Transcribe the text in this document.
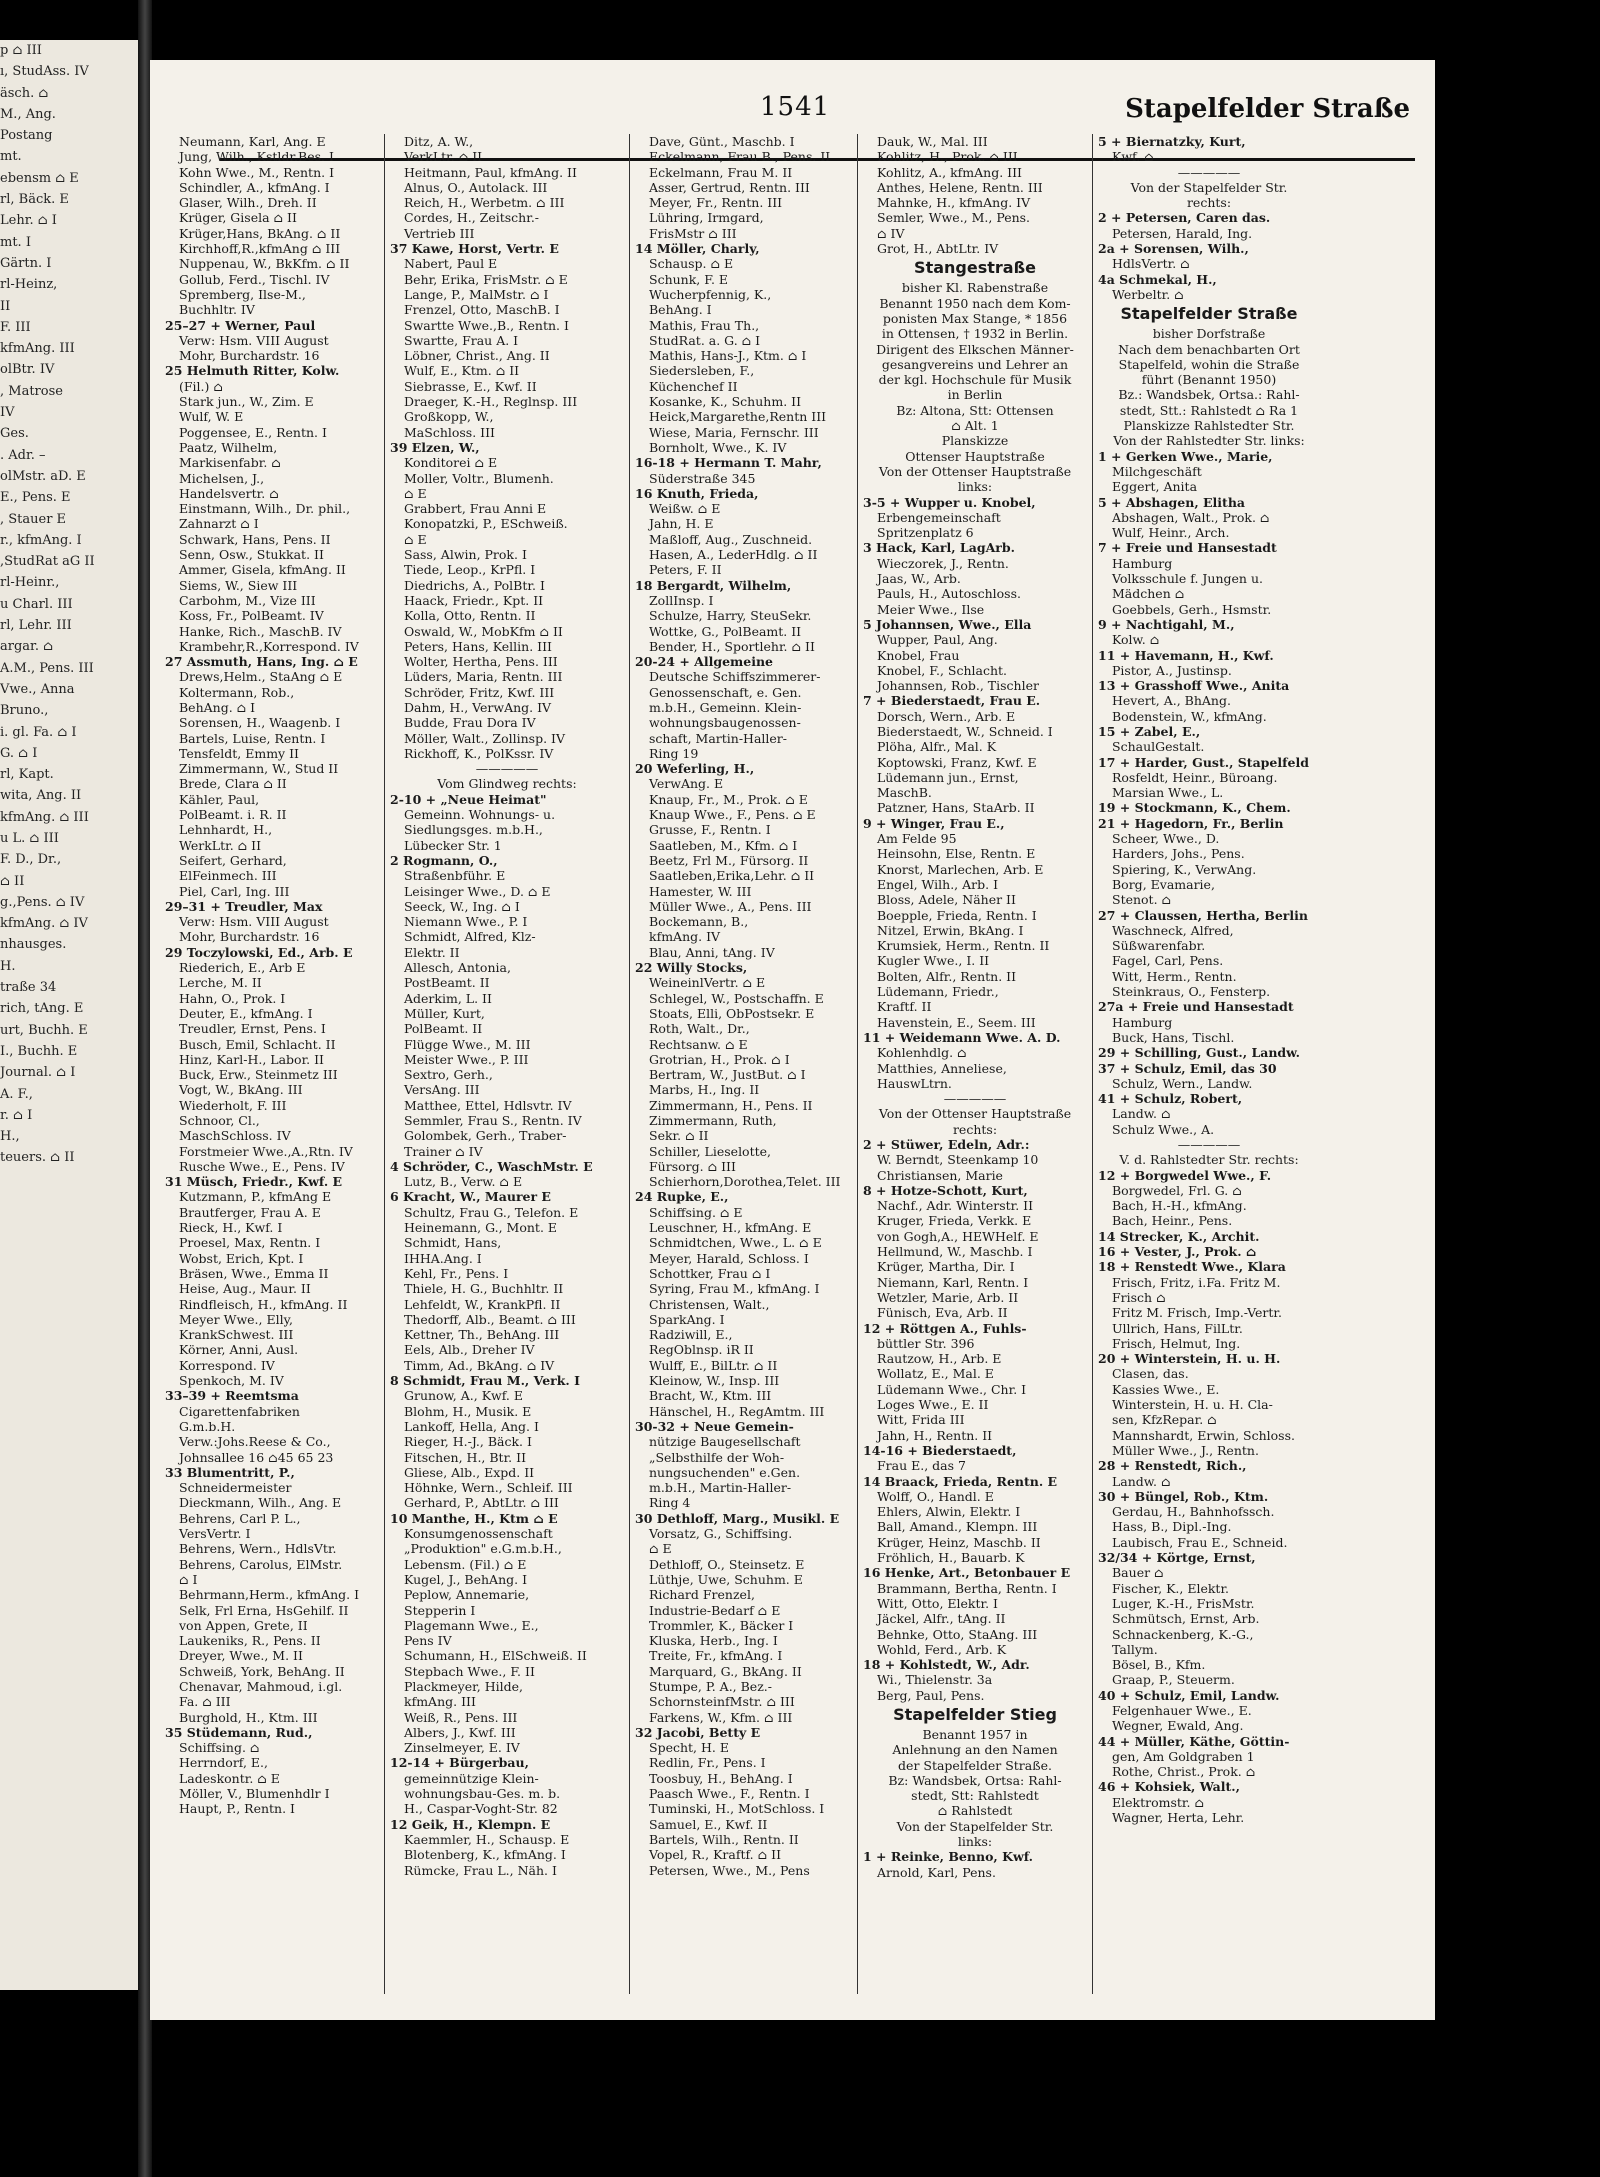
p ⌂ III
ı, StudAss. IV
äsch. ⌂
M., Ang.
Postang
mt.
ebensm ⌂ E
rl, Bäck. E
Lehr. ⌂ I
mt. I
Gärtn. I
rl-Heinz,
II
F. III
kfmAng. III
olBtr. IV
, Matrose
IV
Ges.
. Adr. –
olMstr. aD. E
E., Pens. E
, Stauer E
r., kfmAng. I
,StudRat aG II
rl-Heinr.,
u Charl. III
rl, Lehr. III
argar. ⌂
A.M., Pens. III
Vwe., Anna
Bruno.,
i. gl. Fa. ⌂ I
G. ⌂ I
rl, Kapt.
wita, Ang. II
kfmAng. ⌂ III
u L. ⌂ III
F. D., Dr.,
⌂ II
g.,Pens. ⌂ IV
kfmAng. ⌂ IV
nhausges.
H.
traße 34
rich, tAng. E
urt, Buchh. E
I., Buchh. E
Journal. ⌂ I
A. F.,
r. ⌂ I
H.,
teuers. ⌂ II
1541	Stapelfelder Straße
Neumann, Karl, Ang. E
Jung, Wilh., Kstldr.Bes. I
Kohn Wwe., M., Rentn. I
Schindler, A., kfmAng. I
Glaser, Wilh., Dreh. II
Krüger, Gisela ⌂ II
Krüger,Hans, BkAng. ⌂ II
Kirchhoff,R.,kfmAng ⌂ III
Nuppenau, W., BkKfm. ⌂ II
Gollub, Ferd., Tischl. IV
Spremberg, Ilse-M.,
Buchhltr. IV
25–27 + Werner, Paul
Verw: Hsm. VIII August
Mohr, Burchardstr. 16
25 Helmuth Ritter, Kolw.
(Fil.) ⌂
Stark jun., W., Zim. E
Wulf, W. E
Poggensee, E., Rentn. I
Paatz, Wilhelm,
Markisenfabr. ⌂
Michelsen, J.,
Handelsvertr. ⌂
Einstmann, Wilh., Dr. phil.,
Zahnarzt ⌂ I
Schwark, Hans, Pens. II
Senn, Osw., Stukkat. II
Ammer, Gisela, kfmAng. II
Siems, W., Siew III
Carbohm, M., Vize III
Koss, Fr., PolBeamt. IV
Hanke, Rich., MaschB. IV
Krambehr,R.,Korrespond. IV
27 Assmuth, Hans, Ing. ⌂ E
Drews,Helm., StaAng ⌂ E
Koltermann, Rob.,
BehAng. ⌂ I
Sorensen, H., Waagenb. I
Bartels, Luise, Rentn. I
Tensfeldt, Emmy II
Zimmermann, W., Stud II
Brede, Clara ⌂ II
Kähler, Paul,
PolBeamt. i. R. II
Lehnhardt, H.,
WerkLtr. ⌂ II
Seifert, Gerhard,
ElFeinmech. III
Piel, Carl, Ing. III
29–31 + Treudler, Max
Verw: Hsm. VIII August
Mohr, Burchardstr. 16
29 Toczylowski, Ed., Arb. E
Riederich, E., Arb E
Lerche, M. II
Hahn, O., Prok. I
Deuter, E., kfmAng. I
Treudler, Ernst, Pens. I
Busch, Emil, Schlacht. II
Hinz, Karl-H., Labor. II
Buck, Erw., Steinmetz III
Vogt, W., BkAng. III
Wiederholt, F. III
Schnoor, Cl.,
MaschSchloss. IV
Forstmeier Wwe.,A.,Rtn. IV
Rusche Wwe., E., Pens. IV
31 Müsch, Friedr., Kwf. E
Kutzmann, P., kfmAng E
Brautferger, Frau A. E
Rieck, H., Kwf. I
Proesel, Max, Rentn. I
Wobst, Erich, Kpt. I
Bräsen, Wwe., Emma II
Heise, Aug., Maur. II
Rindfleisch, H., kfmAng. II
Meyer Wwe., Elly,
KrankSchwest. III
Körner, Anni, Ausl.
Korrespond. IV
Spenkoch, M. IV
33–39 + Reemtsma
Cigarettenfabriken
G.m.b.H.
Verw.:Johs.Reese & Co.,
Johnsallee 16 ⌂45 65 23
33 Blumentritt, P.,
Schneidermeister
Dieckmann, Wilh., Ang. E
Behrens, Carl P. L.,
VersVertr. I
Behrens, Wern., HdlsVtr.
Behrens, Carolus, ElMstr.
⌂ I
Behrmann,Herm., kfmAng. I
Selk, Frl Erna, HsGehilf. II
von Appen, Grete, II
Laukeniks, R., Pens. II
Dreyer, Wwe., M. II
Schweiß, York, BehAng. II
Chenavar, Mahmoud, i.gl.
Fa. ⌂ III
Burghold, H., Ktm. III
35 Stüdemann, Rud.,
Schiffsing. ⌂
Herrndorf, E.,
Ladeskontr. ⌂ E
Möller, V., Blumenhdlr I
Haupt, P., Rentn. I
Ditz, A. W.,
VerkLtr. ⌂ II
Heitmann, Paul, kfmAng. II
Alnus, O., Autolack. III
Reich, H., Werbetm. ⌂ III
Cordes, H., Zeitschr.-
Vertrieb III
37 Kawe, Horst, Vertr. E
Nabert, Paul E
Behr, Erika, FrisMstr. ⌂ E
Lange, P., MalMstr. ⌂ I
Frenzel, Otto, MaschB. I
Swartte Wwe.,B., Rentn. I
Swartte, Frau A. I
Löbner, Christ., Ang. II
Wulf, E., Ktm. ⌂ II
Siebrasse, E., Kwf. II
Draeger, K.-H., Reglnsp. III
Großkopp, W.,
MaSchloss. III
39 Elzen, W.,
Konditorei ⌂ E
Moller, Voltr., Blumenh.
⌂ E
Grabbert, Frau Anni E
Konopatzki, P., ESchweiß.
⌂ E
Sass, Alwin, Prok. I
Tiede, Leop., KrPfl. I
Diedrichs, A., PolBtr. I
Haack, Friedr., Kpt. II
Kolla, Otto, Rentn. II
Oswald, W., MobKfm ⌂ II
Peters, Hans, Kellin. III
Wolter, Hertha, Pens. III
Lüders, Maria, Rentn. III
Schröder, Fritz, Kwf. III
Dahm, H., VerwAng. IV
Budde, Frau Dora IV
Möller, Walt., Zollinsp. IV
Rickhoff, K., PolKssr. IV
—————
Vom Glindweg rechts:
2-10 + „Neue Heimat"
Gemeinn. Wohnungs- u.
Siedlungsges. m.b.H.,
Lübecker Str. 1
2 Rogmann, O.,
Straßenbführ. E
Leisinger Wwe., D. ⌂ E
Seeck, W., Ing. ⌂ I
Niemann Wwe., P. I
Schmidt, Alfred, Klz-
Elektr. II
Allesch, Antonia,
PostBeamt. II
Aderkim, L. II
Müller, Kurt,
PolBeamt. II
Flügge Wwe., M. III
Meister Wwe., P. III
Sextro, Gerh.,
VersAng. III
Matthee, Ettel, Hdlsvtr. IV
Semmler, Frau S., Rentn. IV
Golombek, Gerh., Traber-
Trainer ⌂ IV
4 Schröder, C., WaschMstr. E
Lutz, B., Verw. ⌂ E
6 Kracht, W., Maurer E
Schultz, Frau G., Telefon. E
Heinemann, G., Mont. E
Schmidt, Hans,
IHHA.Ang. I
Kehl, Fr., Pens. I
Thiele, H. G., Buchhltr. II
Lehfeldt, W., KrankPfl. II
Thedorff, Alb., Beamt. ⌂ III
Kettner, Th., BehAng. III
Eels, Alb., Dreher IV
Timm, Ad., BkAng. ⌂ IV
8 Schmidt, Frau M., Verk. I
Grunow, A., Kwf. E
Blohm, H., Musik. E
Lankoff, Hella, Ang. I
Rieger, H.-J., Bäck. I
Fitschen, H., Btr. II
Gliese, Alb., Expd. II
Höhnke, Wern., Schleif. III
Gerhard, P., AbtLtr. ⌂ III
10 Manthe, H., Ktm ⌂ E
Konsumgenossenschaft
„Produktion" e.G.m.b.H.,
Lebensm. (Fil.) ⌂ E
Kugel, J., BehAng. I
Peplow, Annemarie,
Stepperin I
Plagemann Wwe., E.,
Pens IV
Schumann, H., ElSchweiß. II
Stepbach Wwe., F. II
Plackmeyer, Hilde,
kfmAng. III
Weiß, R., Pens. III
Albers, J., Kwf. III
Zinselmeyer, E. IV
12-14 + Bürgerbau,
gemeinnützige Klein-
wohnungsbau-Ges. m. b.
H., Caspar-Voght-Str. 82
12 Geik, H., Klempn. E
Kaemmler, H., Schausp. E
Blotenberg, K., kfmAng. I
Rümcke, Frau L., Näh. I
Dave, Günt., Maschb. I
Eckelmann, Frau B., Pens. II
Eckelmann, Frau M. II
Asser, Gertrud, Rentn. III
Meyer, Fr., Rentn. III
Lühring, Irmgard,
FrisMstr ⌂ III
14 Möller, Charly,
Schausp. ⌂ E
Schunk, F. E
Wucherpfennig, K.,
BehAng. I
Mathis, Frau Th.,
StudRat. a. G. ⌂ I
Mathis, Hans-J., Ktm. ⌂ I
Siedersleben, F.,
Küchenchef II
Kosanke, K., Schuhm. II
Heick,Margarethe,Rentn III
Wiese, Maria, Fernschr. III
Bornholt, Wwe., K. IV
16-18 + Hermann T. Mahr,
Süderstraße 345
16 Knuth, Frieda,
Weißw. ⌂ E
Jahn, H. E
Maßloff, Aug., Zuschneid.
Hasen, A., LederHdlg. ⌂ II
Peters, F. II
18 Bergardt, Wilhelm,
ZollInsp. I
Schulze, Harry, SteuSekr.
Wottke, G., PolBeamt. II
Bender, H., Sportlehr. ⌂ II
20-24 + Allgemeine
Deutsche Schiffszimmerer-
Genossenschaft, e. Gen.
m.b.H., Gemeinn. Klein-
wohnungsbaugenossen-
schaft, Martin-Haller-
Ring 19
20 Weferling, H.,
VerwAng. E
Knaup, Fr., M., Prok. ⌂ E
Knaup Wwe., F., Pens. ⌂ E
Grusse, F., Rentn. I
Saatleben, M., Kfm. ⌂ I
Beetz, Frl M., Fürsorg. II
Saatleben,Erika,Lehr. ⌂ II
Hamester, W. III
Müller Wwe., A., Pens. III
Bockemann, B.,
kfmAng. IV
Blau, Anni, tAng. IV
22 Willy Stocks,
WeineinlVertr. ⌂ E
Schlegel, W., Postschaffn. E
Stoats, Elli, ObPostsekr. E
Roth, Walt., Dr.,
Rechtsanw. ⌂ E
Grotrian, H., Prok. ⌂ I
Bertram, W., JustBut. ⌂ I
Marbs, H., Ing. II
Zimmermann, H., Pens. II
Zimmermann, Ruth,
Sekr. ⌂ II
Schiller, Lieselotte,
Fürsorg. ⌂ III
Schierhorn,Dorothea,Telet. III
24 Rupke, E.,
Schiffsing. ⌂ E
Leuschner, H., kfmAng. E
Schmidtchen, Wwe., L. ⌂ E
Meyer, Harald, Schloss. I
Schottker, Frau ⌂ I
Syring, Frau M., kfmAng. I
Christensen, Walt.,
SparkAng. I
Radziwill, E.,
RegOblnsp. iR II
Wulff, E., BilLtr. ⌂ II
Kleinow, W., Insp. III
Bracht, W., Ktm. III
Hänschel, H., RegAmtm. III
30-32 + Neue Gemein-
nützige Baugesellschaft
„Selbsthilfe der Woh-
nungsuchenden" e.Gen.
m.b.H., Martin-Haller-
Ring 4
30 Dethloff, Marg., Musikl. E
Vorsatz, G., Schiffsing.
⌂ E
Dethloff, O., Steinsetz. E
Lüthje, Uwe, Schuhm. E
Richard Frenzel,
Industrie-Bedarf ⌂ E
Trommler, K., Bäcker I
Kluska, Herb., Ing. I
Treite, Fr., kfmAng. I
Marquard, G., BkAng. II
Stumpe, P. A., Bez.-
SchornsteinfMstr. ⌂ III
Farkens, W., Kfm. ⌂ III
32 Jacobi, Betty E
Specht, H. E
Redlin, Fr., Pens. I
Toosbuy, H., BehAng. I
Paasch Wwe., F., Rentn. I
Tuminski, H., MotSchloss. I
Samuel, E., Kwf. II
Bartels, Wilh., Rentn. II
Vopel, R., Kraftf. ⌂ II
Petersen, Wwe., M., Pens
Dauk, W., Mal. III
Kohlitz, H., Prok. ⌂ III
Kohlitz, A., kfmAng. III
Anthes, Helene, Rentn. III
Mahnke, H., kfmAng. IV
Semler, Wwe., M., Pens.
⌂ IV
Grot, H., AbtLtr. IV
Stangestraße
bisher Kl. Rabenstraße
Benannt 1950 nach dem Kom-
ponisten Max Stange, * 1856
in Ottensen, † 1932 in Berlin.
Dirigent des Elkschen Männer-
gesangvereins und Lehrer an
der kgl. Hochschule für Musik
in Berlin
Bz: Altona, Stt: Ottensen
⌂ Alt. 1
Planskizze
Ottenser Hauptstraße
Von der Ottenser Hauptstraße
links:
3-5 + Wupper u. Knobel,
Erbengemeinschaft
Spritzenplatz 6
3 Hack, Karl, LagArb.
Wieczorek, J., Rentn.
Jaas, W., Arb.
Pauls, H., Autoschloss.
Meier Wwe., Ilse
5 Johannsen, Wwe., Ella
Wupper, Paul, Ang.
Knobel, Frau
Knobel, F., Schlacht.
Johannsen, Rob., Tischler
7 + Biederstaedt, Frau E.
Dorsch, Wern., Arb. E
Biederstaedt, W., Schneid. I
Plöha, Alfr., Mal. K
Koptowski, Franz, Kwf. E
Lüdemann jun., Ernst,
MaschB.
Patzner, Hans, StaArb. II
9 + Winger, Frau E.,
Am Felde 95
Heinsohn, Else, Rentn. E
Knorst, Marlechen, Arb. E
Engel, Wilh., Arb. I
Bloss, Adele, Näher II
Boepple, Frieda, Rentn. I
Nitzel, Erwin, BkAng. I
Krumsiek, Herm., Rentn. II
Kugler Wwe., I. II
Bolten, Alfr., Rentn. II
Lüdemann, Friedr.,
Kraftf. II
Havenstein, E., Seem. III
11 + Weidemann Wwe. A. D.
Kohlenhdlg. ⌂
Matthies, Anneliese,
HauswLtrn.
—————
Von der Ottenser Hauptstraße
rechts:
2 + Stüwer, Edeln, Adr.:
W. Berndt, Steenkamp 10
Christiansen, Marie
8 + Hotze-Schott, Kurt,
Nachf., Adr. Winterstr. II
Kruger, Frieda, Verkk. E
von Gogh,A., HEWHelf. E
Hellmund, W., Maschb. I
Krüger, Martha, Dir. I
Niemann, Karl, Rentn. I
Wetzler, Marie, Arb. II
Fünisch, Eva, Arb. II
12 + Röttgen A., Fuhls-
büttler Str. 396
Rautzow, H., Arb. E
Wollatz, E., Mal. E
Lüdemann Wwe., Chr. I
Loges Wwe., E. II
Witt, Frida III
Jahn, H., Rentn. II
14-16 + Biederstaedt,
Frau E., das 7
14 Braack, Frieda, Rentn. E
Wolff, O., Handl. E
Ehlers, Alwin, Elektr. I
Ball, Amand., Klempn. III
Krüger, Heinz, Maschb. II
Fröhlich, H., Bauarb. K
16 Henke, Art., Betonbauer E
Brammann, Bertha, Rentn. I
Witt, Otto, Elektr. I
Jäckel, Alfr., tAng. II
Behnke, Otto, StaAng. III
Wohld, Ferd., Arb. K
18 + Kohlstedt, W., Adr.
Wi., Thielenstr. 3a
Berg, Paul, Pens.
Stapelfelder Stieg
Benannt 1957 in
Anlehnung an den Namen
der Stapelfelder Straße.
Bz: Wandsbek, Ortsa: Rahl-
stedt, Stt: Rahlstedt
⌂ Rahlstedt
Von der Stapelfelder Str.
links:
1 + Reinke, Benno, Kwf.
Arnold, Karl, Pens.
5 + Biernatzky, Kurt,
Kwf. ⌂
—————
Von der Stapelfelder Str.
rechts:
2 + Petersen, Caren das.
Petersen, Harald, Ing.
2a + Sorensen, Wilh.,
HdlsVertr. ⌂
4a Schmekal, H.,
Werbeltr. ⌂
Stapelfelder Straße
bisher Dorfstraße
Nach dem benachbarten Ort
Stapelfeld, wohin die Straße
führt (Benannt 1950)
Bz.: Wandsbek, Ortsa.: Rahl-
stedt, Stt.: Rahlstedt ⌂ Ra 1
Planskizze Rahlstedter Str.
Von der Rahlstedter Str. links:
1 + Gerken Wwe., Marie,
Milchgeschäft
Eggert, Anita
5 + Abshagen, Elitha
Abshagen, Walt., Prok. ⌂
Wulf, Heinr., Arch.
7 + Freie und Hansestadt
Hamburg
Volksschule f. Jungen u.
Mädchen ⌂
Goebbels, Gerh., Hsmstr.
9 + Nachtigahl, M.,
Kolw. ⌂
11 + Havemann, H., Kwf.
Pistor, A., Justinsp.
13 + Grasshoff Wwe., Anita
Hevert, A., BhAng.
Bodenstein, W., kfmAng.
15 + Zabel, E.,
SchaulGestalt.
17 + Harder, Gust., Stapelfeld
Rosfeldt, Heinr., Büroang.
Marsian Wwe., L.
19 + Stockmann, K., Chem.
21 + Hagedorn, Fr., Berlin
Scheer, Wwe., D.
Harders, Johs., Pens.
Spiering, K., VerwAng.
Borg, Evamarie,
Stenot. ⌂
27 + Claussen, Hertha, Berlin
Waschneck, Alfred,
Süßwarenfabr.
Fagel, Carl, Pens.
Witt, Herm., Rentn.
Steinkraus, O., Fensterp.
27a + Freie und Hansestadt
Hamburg
Buck, Hans, Tischl.
29 + Schilling, Gust., Landw.
37 + Schulz, Emil, das 30
Schulz, Wern., Landw.
41 + Schulz, Robert,
Landw. ⌂
Schulz Wwe., A.
—————
V. d. Rahlstedter Str. rechts:
12 + Borgwedel Wwe., F.
Borgwedel, Frl. G. ⌂
Bach, H.-H., kfmAng.
Bach, Heinr., Pens.
14 Strecker, K., Archit.
16 + Vester, J., Prok. ⌂
18 + Renstedt Wwe., Klara
Frisch, Fritz, i.Fa. Fritz M.
Frisch ⌂
Fritz M. Frisch, Imp.-Vertr.
Ullrich, Hans, FilLtr.
Frisch, Helmut, Ing.
20 + Winterstein, H. u. H.
Clasen, das.
Kassies Wwe., E.
Winterstein, H. u. H. Cla-
sen, KfzRepar. ⌂
Mannshardt, Erwin, Schloss.
Müller Wwe., J., Rentn.
28 + Renstedt, Rich.,
Landw. ⌂
30 + Büngel, Rob., Ktm.
Gerdau, H., Bahnhofssch.
Hass, B., Dipl.-Ing.
Laubisch, Frau E., Schneid.
32/34 + Körtge, Ernst,
Bauer ⌂
Fischer, K., Elektr.
Luger, K.-H., FrisMstr.
Schmütsch, Ernst, Arb.
Schnackenberg, K.-G.,
Tallym.
Bösel, B., Kfm.
Graap, P., Steuerm.
40 + Schulz, Emil, Landw.
Felgenhauer Wwe., E.
Wegner, Ewald, Ang.
44 + Müller, Käthe, Göttin-
gen, Am Goldgraben 1
Rothe, Christ., Prok. ⌂
46 + Kohsiek, Walt.,
Elektromstr. ⌂
Wagner, Herta, Lehr.
